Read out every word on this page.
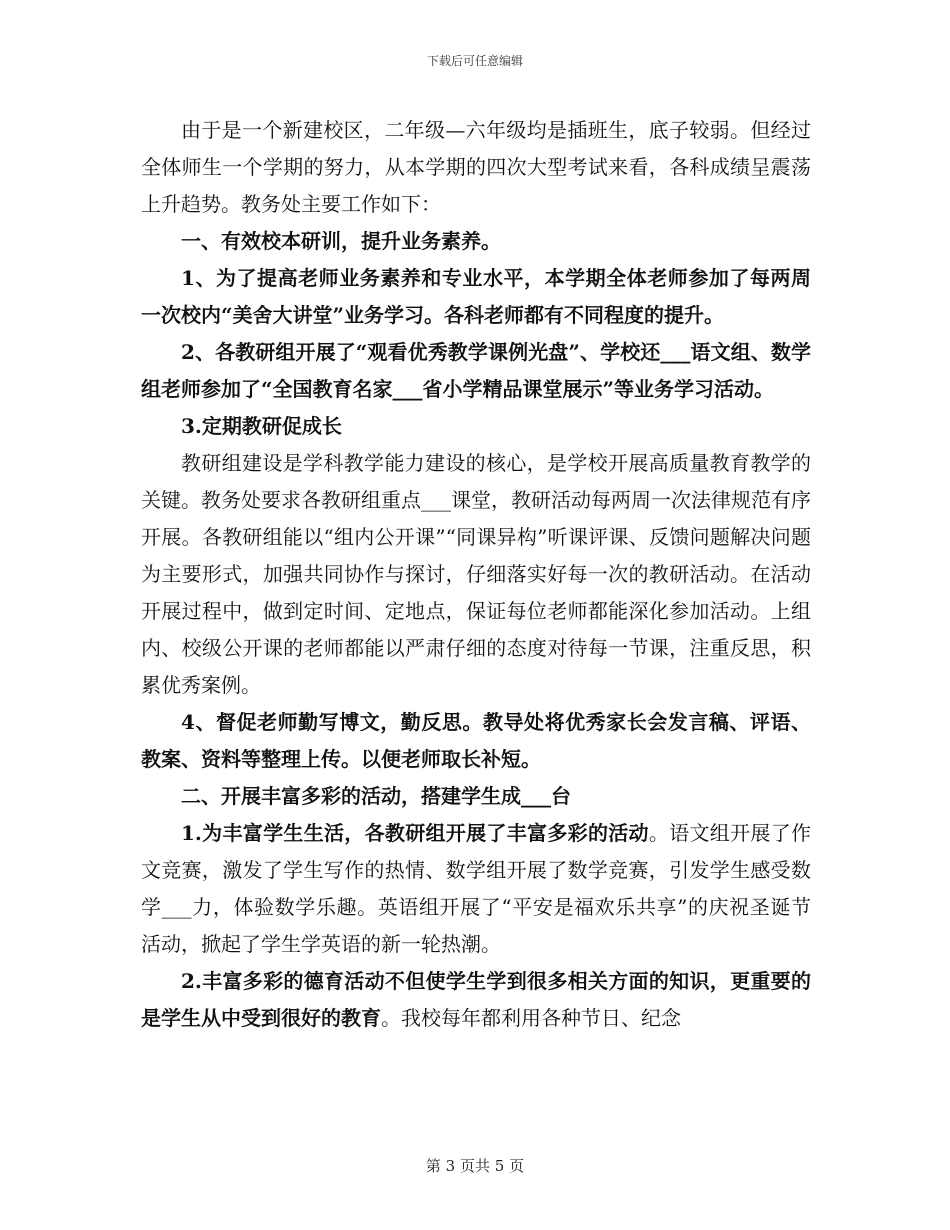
下载后可任意编辑

由于是一个新建校区，二年级—六年级均是插班生，底子较弱。但经过全体师生一个学期的努力，从本学期的四次大型考试来看，各科成绩呈震荡上升趋势。教务处主要工作如下：

一、有效校本研训，提升业务素养。

1、为了提高老师业务素养和专业水平，本学期全体老师参加了每两周一次校内“美舍大讲堂”业务学习。各科老师都有不同程度的提升。

2、各教研组开展了“观看优秀教学课例光盘”、学校还___语文组、数学组老师参加了“全国教育名家___省小学精品课堂展示”等业务学习活动。

3.定期教研促成长

教研组建设是学科教学能力建设的核心，是学校开展高质量教育教学的关键。教务处要求各教研组重点___课堂，教研活动每两周一次法律规范有序开展。各教研组能以“组内公开课”“同课异构”听课评课、反馈问题解决问题为主要形式，加强共同协作与探讨，仔细落实好每一次的教研活动。在活动开展过程中，做到定时间、定地点，保证每位老师都能深化参加活动。上组内、校级公开课的老师都能以严肃仔细的态度对待每一节课，注重反思，积累优秀案例。

4、督促老师勤写博文，勤反思。教导处将优秀家长会发言稿、评语、教案、资料等整理上传。以便老师取长补短。

二、开展丰富多彩的活动，搭建学生成___台

1.为丰富学生生活，各教研组开展了丰富多彩的活动。语文组开展了作文竞赛，激发了学生写作的热情、数学组开展了数学竞赛，引发学生感受数学___力，体验数学乐趣。英语组开展了“平安是福欢乐共享”的庆祝圣诞节活动，掀起了学生学英语的新一轮热潮。

2.丰富多彩的德育活动不但使学生学到很多相关方面的知识，更重要的是学生从中受到很好的教育。我校每年都利用各种节日、纪念

第 3 页共 5 页
